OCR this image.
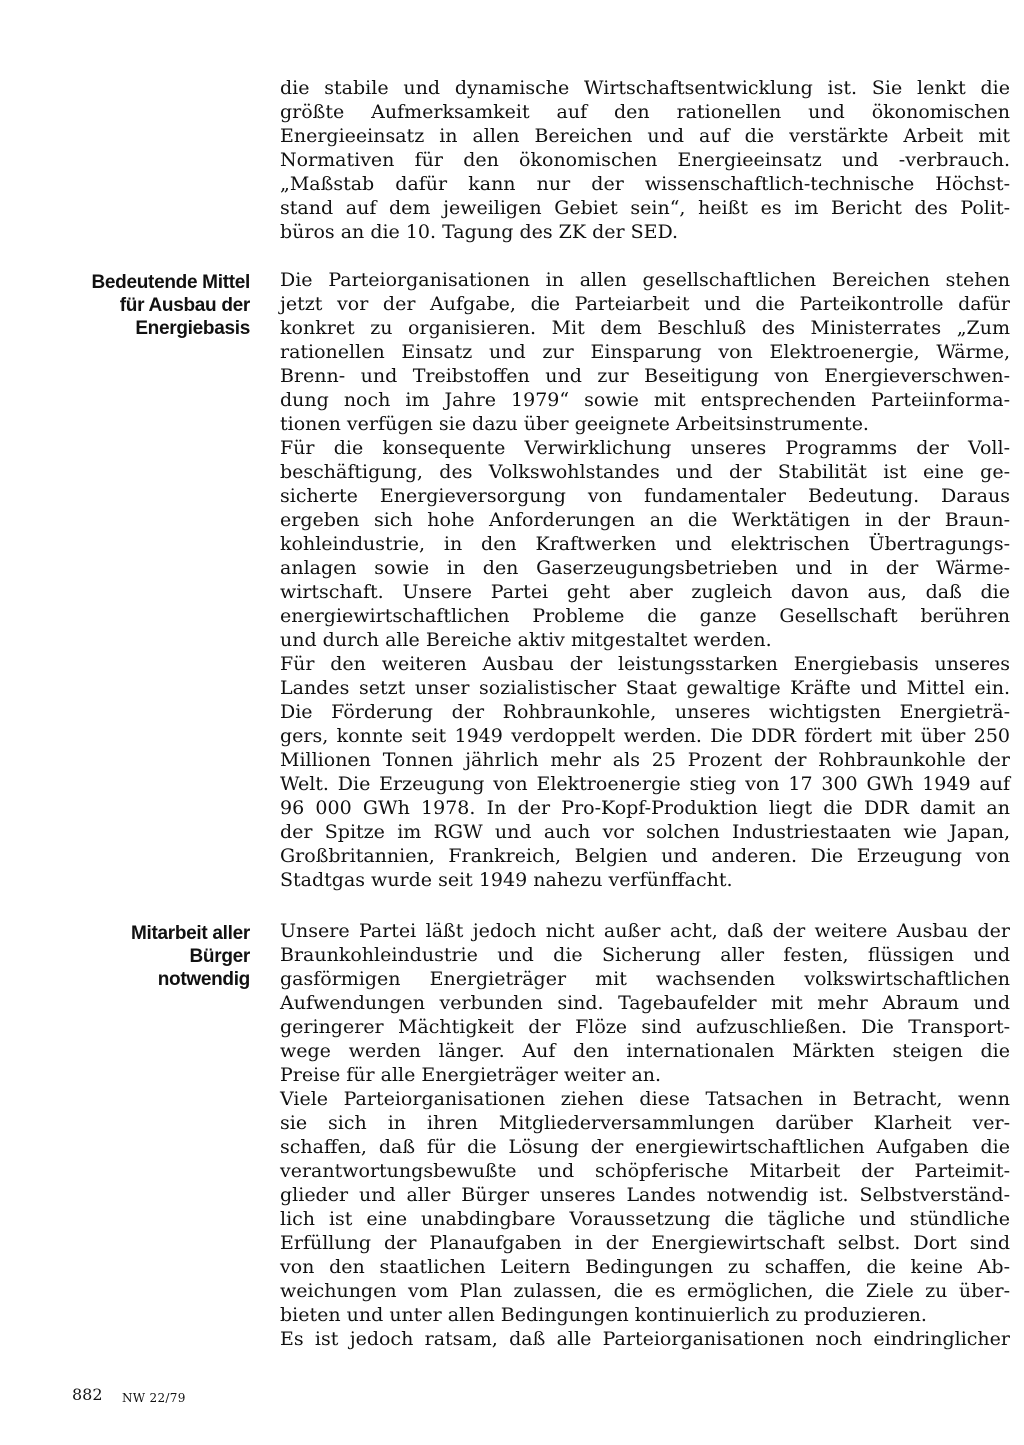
die stabile und dynamische Wirtschaftsentwicklung ist. Sie lenkt die
größte Aufmerksamkeit auf den rationellen und ökonomischen
Energieeinsatz in allen Bereichen und auf die verstärkte Arbeit mit
Normativen für den ökonomischen Energieeinsatz und -verbrauch.
„Maßstab dafür kann nur der wissenschaftlich-technische Höchst-
stand auf dem jeweiligen Gebiet sein“, heißt es im Bericht des Polit-
büros an die 10. Tagung des ZK der SED.
Bedeutende Mittel
für Ausbau der
Energiebasis
Die Parteiorganisationen in allen gesellschaftlichen Bereichen stehen
jetzt vor der Aufgabe, die Parteiarbeit und die Parteikontrolle dafür
konkret zu organisieren. Mit dem Beschluß des Ministerrates „Zum
rationellen Einsatz und zur Einsparung von Elektroenergie, Wärme,
Brenn- und Treibstoffen und zur Beseitigung von Energieverschwen-
dung noch im Jahre 1979“ sowie mit entsprechenden Parteiinforma-
tionen verfügen sie dazu über geeignete Arbeitsinstrumente.
Für die konsequente Verwirklichung unseres Programms der Voll-
beschäftigung, des Volkswohlstandes und der Stabilität ist eine ge-
sicherte Energieversorgung von fundamentaler Bedeutung. Daraus
ergeben sich hohe Anforderungen an die Werktätigen in der Braun-
kohleindustrie, in den Kraftwerken und elektrischen Übertragungs-
anlagen sowie in den Gaserzeugungsbetrieben und in der Wärme-
wirtschaft. Unsere Partei geht aber zugleich davon aus, daß die
energiewirtschaftlichen Probleme die ganze Gesellschaft berühren
und durch alle Bereiche aktiv mitgestaltet werden.
Für den weiteren Ausbau der leistungsstarken Energiebasis unseres
Landes setzt unser sozialistischer Staat gewaltige Kräfte und Mittel ein.
Die Förderung der Rohbraunkohle, unseres wichtigsten Energieträ-
gers, konnte seit 1949 verdoppelt werden. Die DDR fördert mit über 250
Millionen Tonnen jährlich mehr als 25 Prozent der Rohbraunkohle der
Welt. Die Erzeugung von Elektroenergie stieg von 17 300 GWh 1949 auf
96 000 GWh 1978. In der Pro-Kopf-Produktion liegt die DDR damit an
der Spitze im RGW und auch vor solchen Industriestaaten wie Japan,
Großbritannien, Frankreich, Belgien und anderen. Die Erzeugung von
Stadtgas wurde seit 1949 nahezu verfünffacht.
Mitarbeit aller
Bürger
notwendig
Unsere Partei läßt jedoch nicht außer acht, daß der weitere Ausbau der
Braunkohleindustrie und die Sicherung aller festen, flüssigen und
gasförmigen Energieträger mit wachsenden volkswirtschaftlichen
Aufwendungen verbunden sind. Tagebaufelder mit mehr Abraum und
geringerer Mächtigkeit der Flöze sind aufzuschließen. Die Transport-
wege werden länger. Auf den internationalen Märkten steigen die
Preise für alle Energieträger weiter an.
Viele Parteiorganisationen ziehen diese Tatsachen in Betracht, wenn
sie sich in ihren Mitgliederversammlungen darüber Klarheit ver-
schaffen, daß für die Lösung der energiewirtschaftlichen Aufgaben die
verantwortungsbewußte und schöpferische Mitarbeit der Parteimit-
glieder und aller Bürger unseres Landes notwendig ist. Selbstverständ-
lich ist eine unabdingbare Voraussetzung die tägliche und stündliche
Erfüllung der Planaufgaben in der Energiewirtschaft selbst. Dort sind
von den staatlichen Leitern Bedingungen zu schaffen, die keine Ab-
weichungen vom Plan zulassen, die es ermöglichen, die Ziele zu über-
bieten und unter allen Bedingungen kontinuierlich zu produzieren.
Es ist jedoch ratsam, daß alle Parteiorganisationen noch eindringlicher
882 NW 22/79
